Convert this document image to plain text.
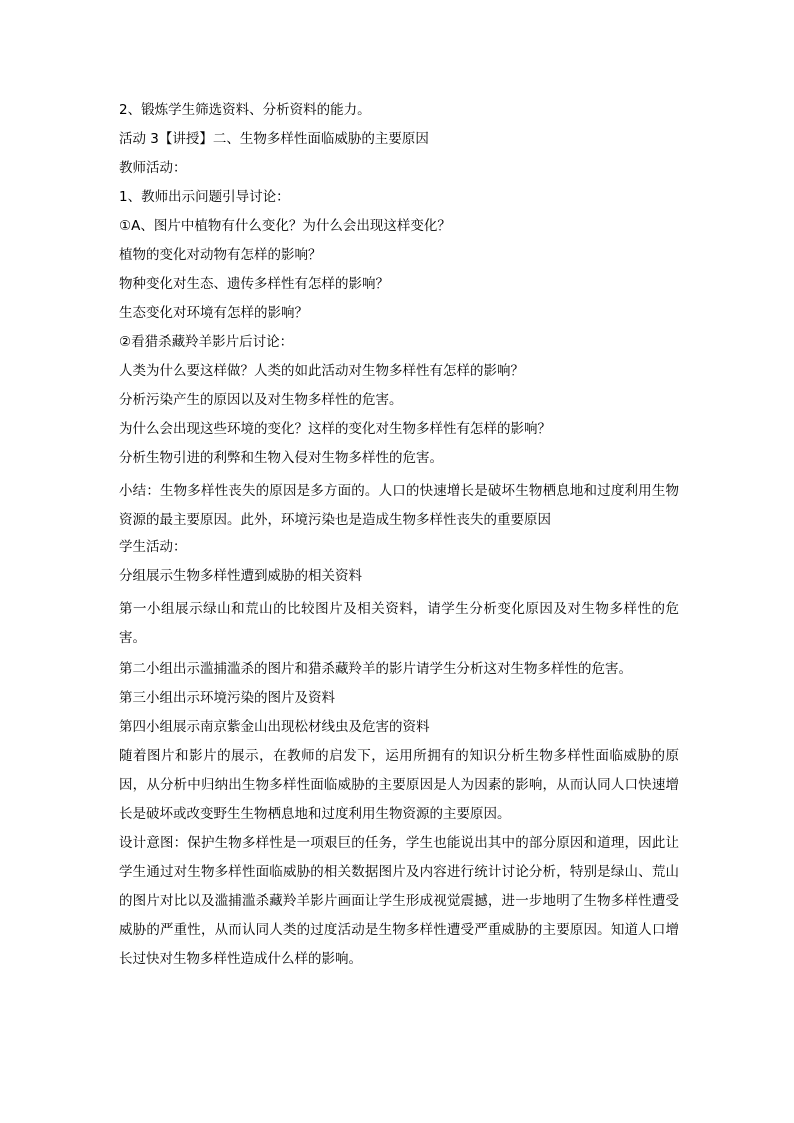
2、锻炼学生筛选资料、分析资料的能力。
活动 3【讲授】二、生物多样性面临威胁的主要原因
教师活动：
1、教师出示问题引导讨论：
①A、图片中植物有什么变化？为什么会出现这样变化？
植物的变化对动物有怎样的影响？
物种变化对生态、遗传多样性有怎样的影响？
生态变化对环境有怎样的影响？
②看猎杀藏羚羊影片后讨论：
人类为什么要这样做？人类的如此活动对生物多样性有怎样的影响？
分析污染产生的原因以及对生物多样性的危害。
为什么会出现这些环境的变化？这样的变化对生物多样性有怎样的影响？
分析生物引进的利弊和生物入侵对生物多样性的危害。
小结：生物多样性丧失的原因是多方面的。人口的快速增长是破坏生物栖息地和过度利用生物资源的最主要原因。此外，环境污染也是造成生物多样性丧失的重要原因
学生活动：
分组展示生物多样性遭到威胁的相关资料
第一小组展示绿山和荒山的比较图片及相关资料，请学生分析变化原因及对生物多样性的危害。
第二小组出示滥捕滥杀的图片和猎杀藏羚羊的影片请学生分析这对生物多样性的危害。
第三小组出示环境污染的图片及资料
第四小组展示南京紫金山出现松材线虫及危害的资料
随着图片和影片的展示，在教师的启发下，运用所拥有的知识分析生物多样性面临威胁的原因，从分析中归纳出生物多样性面临威胁的主要原因是人为因素的影响，从而认同人口快速增长是破坏或改变野生生物栖息地和过度利用生物资源的主要原因。
设计意图：保护生物多样性是一项艰巨的任务，学生也能说出其中的部分原因和道理，因此让学生通过对生物多样性面临威胁的相关数据图片及内容进行统计讨论分析，特别是绿山、荒山的图片对比以及滥捕滥杀藏羚羊影片画面让学生形成视觉震撼，进一步地明了生物多样性遭受威胁的严重性，从而认同人类的过度活动是生物多样性遭受严重威胁的主要原因。知道人口增长过快对生物多样性造成什么样的影响。
